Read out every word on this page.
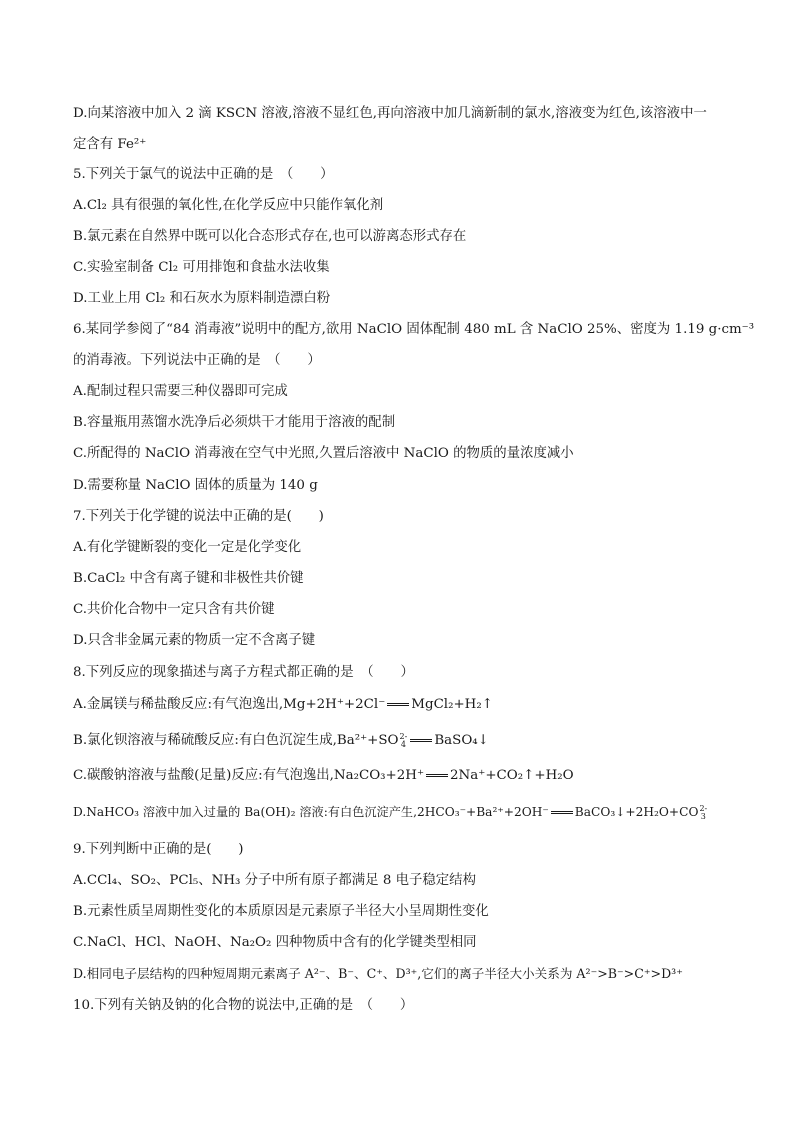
D.向某溶液中加入 2 滴 KSCN 溶液,溶液不显红色,再向溶液中加几滴新制的氯水,溶液变为红色,该溶液中一
定含有 Fe²⁺
5.下列关于氯气的说法中正确的是　（　　）
A.Cl₂ 具有很强的氧化性,在化学反应中只能作氧化剂
B.氯元素在自然界中既可以化合态形式存在,也可以游离态形式存在
C.实验室制备 Cl₂ 可用排饱和食盐水法收集
D.工业上用 Cl₂ 和石灰水为原料制造漂白粉
6.某同学参阅了“84 消毒液”说明中的配方,欲用 NaClO 固体配制 480 mL 含 NaClO 25%、密度为 1.19 g·cm⁻³
的消毒液。下列说法中正确的是　（　　）
A.配制过程只需要三种仪器即可完成
B.容量瓶用蒸馏水洗净后必须烘干才能用于溶液的配制
C.所配得的 NaClO 消毒液在空气中光照,久置后溶液中 NaClO 的物质的量浓度减小
D.需要称量 NaClO 固体的质量为 140 g
7.下列关于化学键的说法中正确的是(　　)
A.有化学键断裂的变化一定是化学变化
B.CaCl₂ 中含有离子键和非极性共价键
C.共价化合物中一定只含有共价键
D.只含非金属元素的物质一定不含离子键
8.下列反应的现象描述与离子方程式都正确的是　（　　）
A.金属镁与稀盐酸反应:有气泡逸出,Mg+2H⁺+2Cl⁻ MgCl₂+H₂↑
B.氯化钡溶液与稀硫酸反应:有白色沉淀生成,Ba²⁺+SO 2-
4 BaSO₄↓
C.碳酸钠溶液与盐酸(足量)反应:有气泡逸出,Na₂CO₃+2H⁺ 2Na⁺+CO₂↑+H₂O
D.NaHCO₃ 溶液中加入过量的 Ba(OH)₂ 溶液:有白色沉淀产生,2HCO₃⁻+Ba²⁺+2OH⁻ BaCO₃↓+2H₂O+CO 2-
3
9.下列判断中正确的是(　　)
A.CCl₄、SO₂、PCl₅、NH₃ 分子中所有原子都满足 8 电子稳定结构
B.元素性质呈周期性变化的本质原因是元素原子半径大小呈周期性变化
C.NaCl、HCl、NaOH、Na₂O₂ 四种物质中含有的化学键类型相同
D.相同电子层结构的四种短周期元素离子 A²⁻、B⁻、C⁺、D³⁺,它们的离子半径大小关系为 A²⁻>B⁻>C⁺>D³⁺
10.下列有关钠及钠的化合物的说法中,正确的是　（　　）
